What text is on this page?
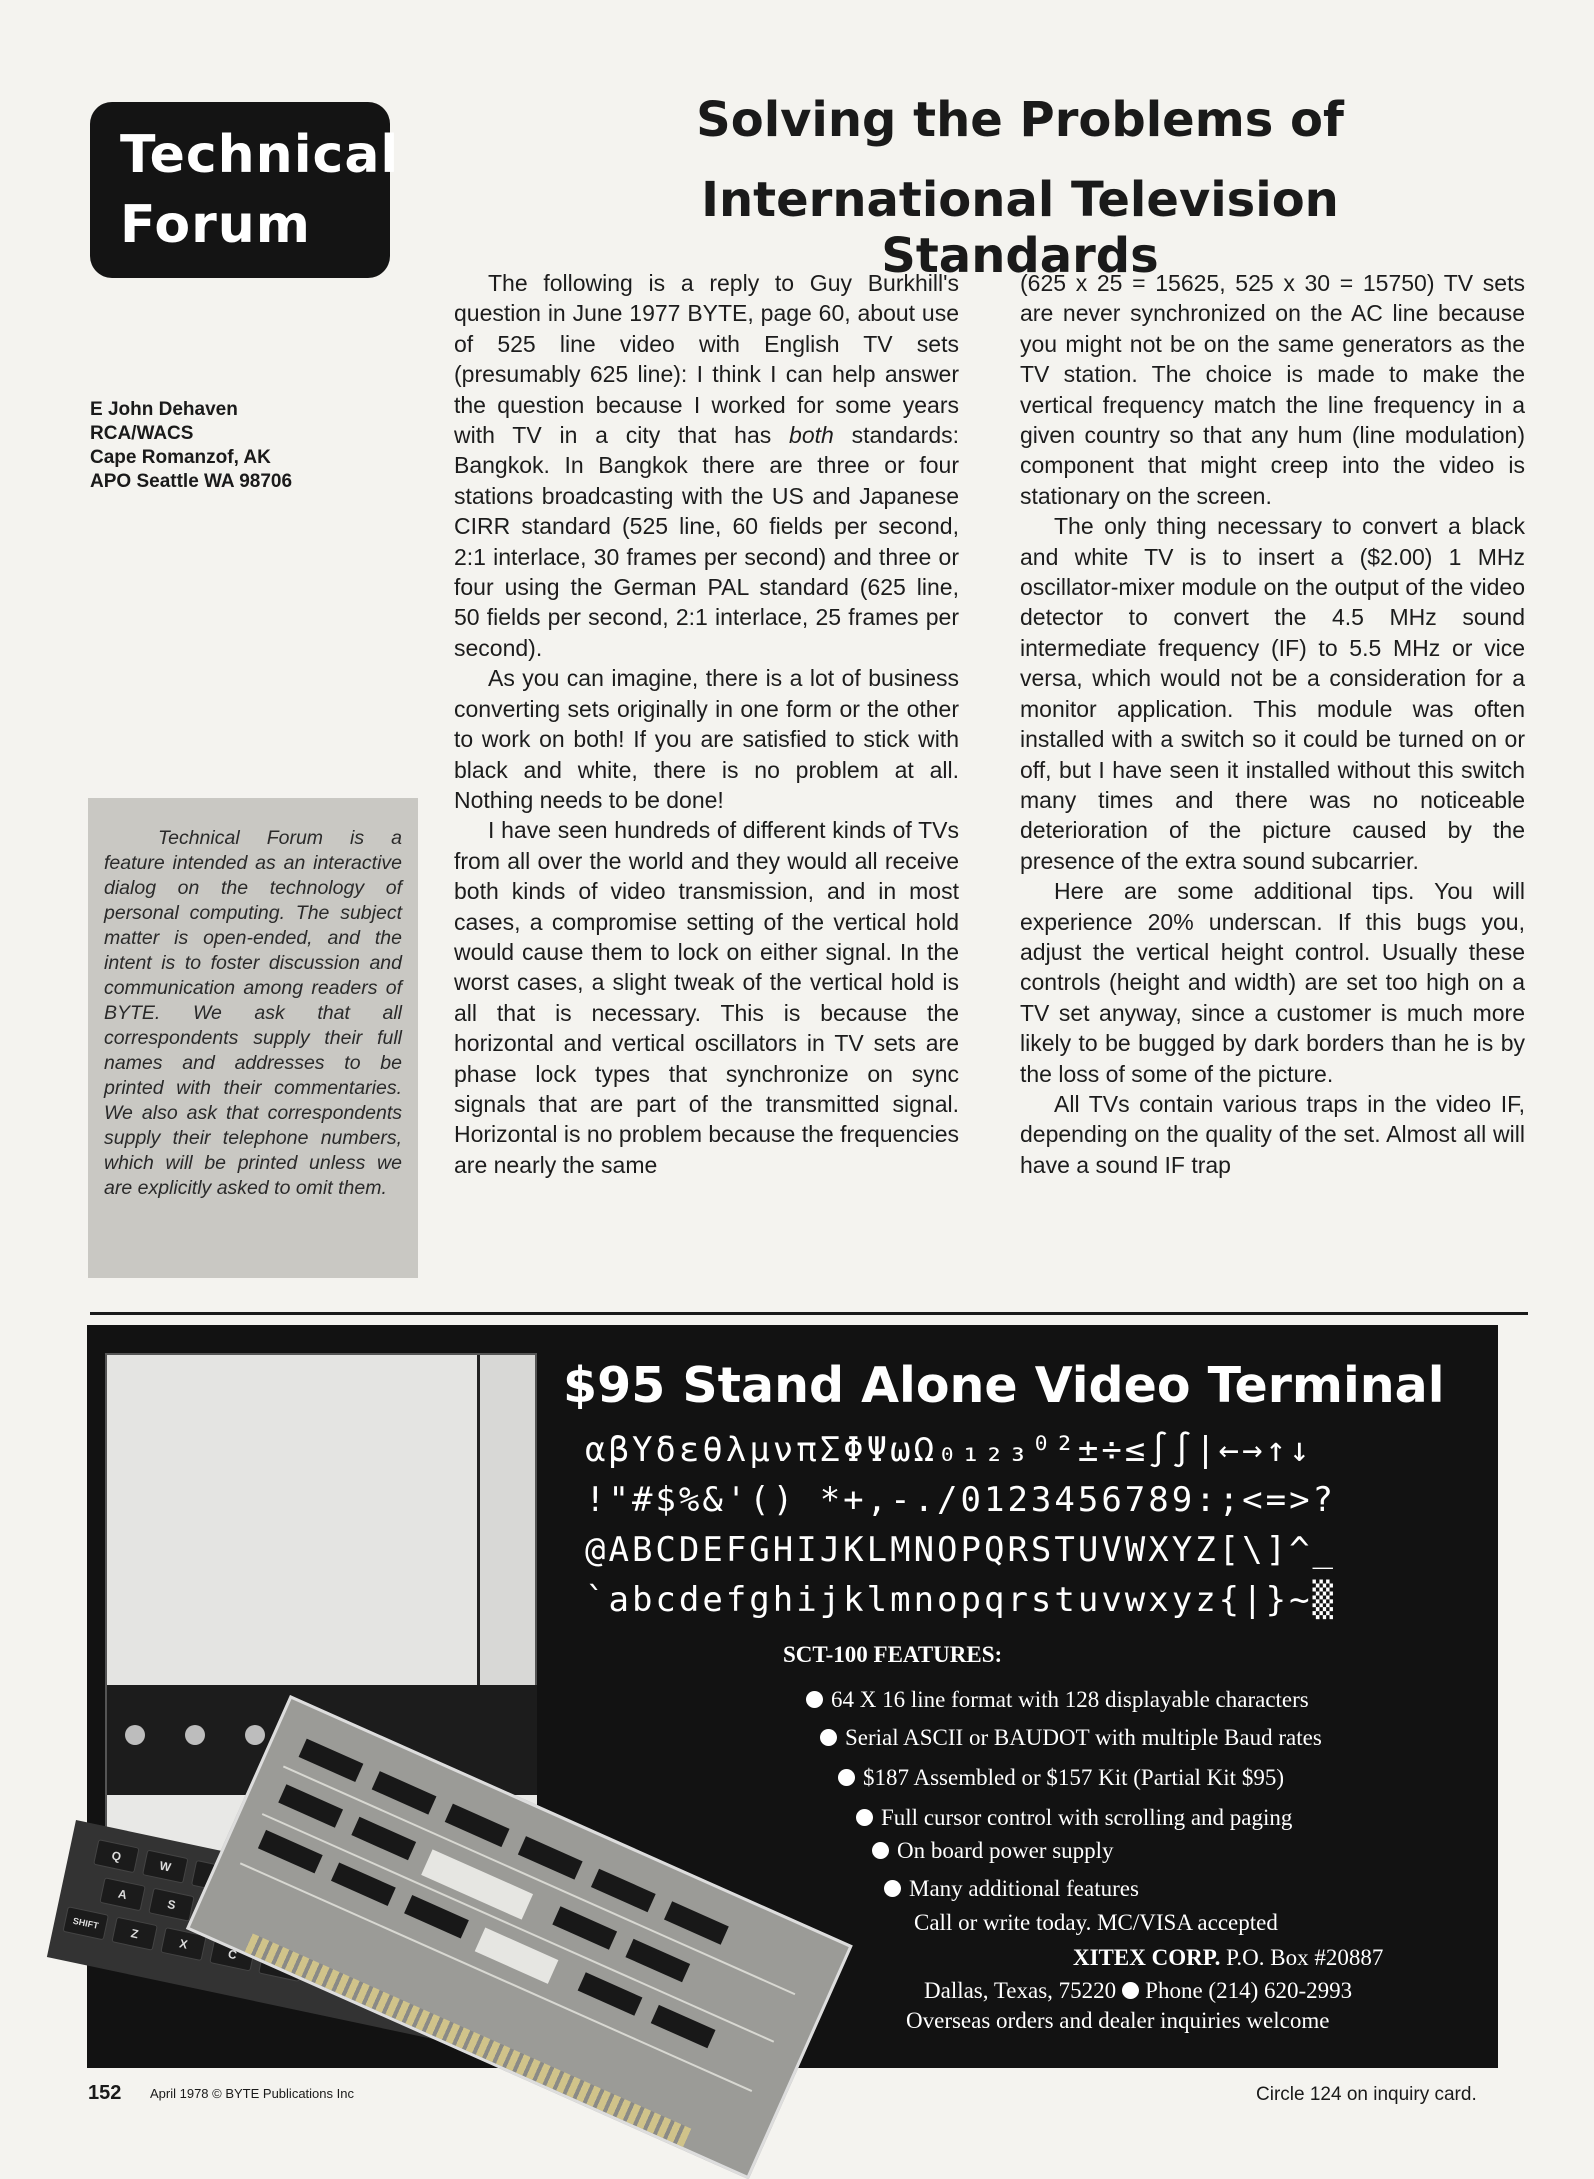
Technical
Forum
Solving the Problems of
International Television Standards
E John Dehaven
RCA/WACS
Cape Romanzof, AK
APO Seattle WA 98706
Technical Forum is a feature intended as an interactive dialog on the technology of personal computing. The subject matter is open-ended, and the intent is to foster discussion and communication among readers of BYTE. We ask that all correspondents supply their full names and addresses to be printed with their commentaries. We also ask that correspondents supply their telephone numbers, which will be printed unless we are explicitly asked to omit them.

The following is a reply to Guy Burkhill's question in June 1977 BYTE, page 60, about use of 525 line video with English TV sets (presumably 625 line): I think I can help answer the question because I worked for some years with TV in a city that has both standards: Bangkok. In Bangkok there are three or four stations broadcasting with the US and Japanese CIRR standard (525 line, 60 fields per second, 2:1 interlace, 30 frames per second) and three or four using the German PAL standard (625 line, 50 fields per second, 2:1 interlace, 25 frames per second).

As you can imagine, there is a lot of business converting sets originally in one form or the other to work on both! If you are satisfied to stick with black and white, there is no problem at all. Nothing needs to be done!

I have seen hundreds of different kinds of TVs from all over the world and they would all receive both kinds of video transmission, and in most cases, a compromise setting of the vertical hold would cause them to lock on either signal. In the worst cases, a slight tweak of the vertical hold is all that is necessary. This is because the horizontal and vertical oscillators in TV sets are phase lock types that synchronize on sync signals that are part of the transmitted signal. Horizontal is no problem because the frequencies are nearly the same

(625 x 25 = 15625, 525 x 30 = 15750) TV sets are never synchronized on the AC line because you might not be on the same generators as the TV station. The choice is made to make the vertical frequency match the line frequency in a given country so that any hum (line modulation) component that might creep into the video is stationary on the screen.

The only thing necessary to convert a black and white TV is to insert a ($2.00) 1 MHz oscillator-mixer module on the output of the video detector to convert the 4.5 MHz sound intermediate frequency (IF) to 5.5 MHz or vice versa, which would not be a consideration for a monitor application. This module was often installed with a switch so it could be turned on or off, but I have seen it installed without this switch many times and there was no noticeable deterioration of the picture caused by the presence of the extra sound subcarrier.

Here are some additional tips. You will experience 20% underscan. If this bugs you, adjust the vertical height control. Usually these controls (height and width) are set too high on a TV set anyway, since a customer is much more likely to be bugged by dark borders than he is by the loss of some of the picture.

All TVs contain various traps in the video IF, depending on the quality of the set. Almost all will have a sound IF trap

Q
W
A
S
SHIFT
Z
X
C
$95 Stand Alone Video Terminal
αβΥδεθλμνπΣΦΨωΩ₀₁₂₃⁰²±÷≤∫∫|←→↑↓
!"#$%&'() *+,-./0123456789:;<=>?
@ABCDEFGHIJKLMNOPQRSTUVWXYZ[\]^_
`abcdefghijklmnopqrstuvwxyz{|}~▒
SCT-100 FEATURES:
64 X 16 line format with 128 displayable characters
Serial ASCII or BAUDOT with multiple Baud rates
$187 Assembled or $157 Kit (Partial Kit $95)
Full cursor control with scrolling and paging
On board power supply
Many additional features
Call or write today. MC/VISA accepted
XITEX CORP. P.O. Box #20887
Dallas, Texas, 75220 Phone (214) 620-2993
Overseas orders and dealer inquiries welcome
152 April 1978 © BYTE Publications Inc	Circle 124 on inquiry card.
